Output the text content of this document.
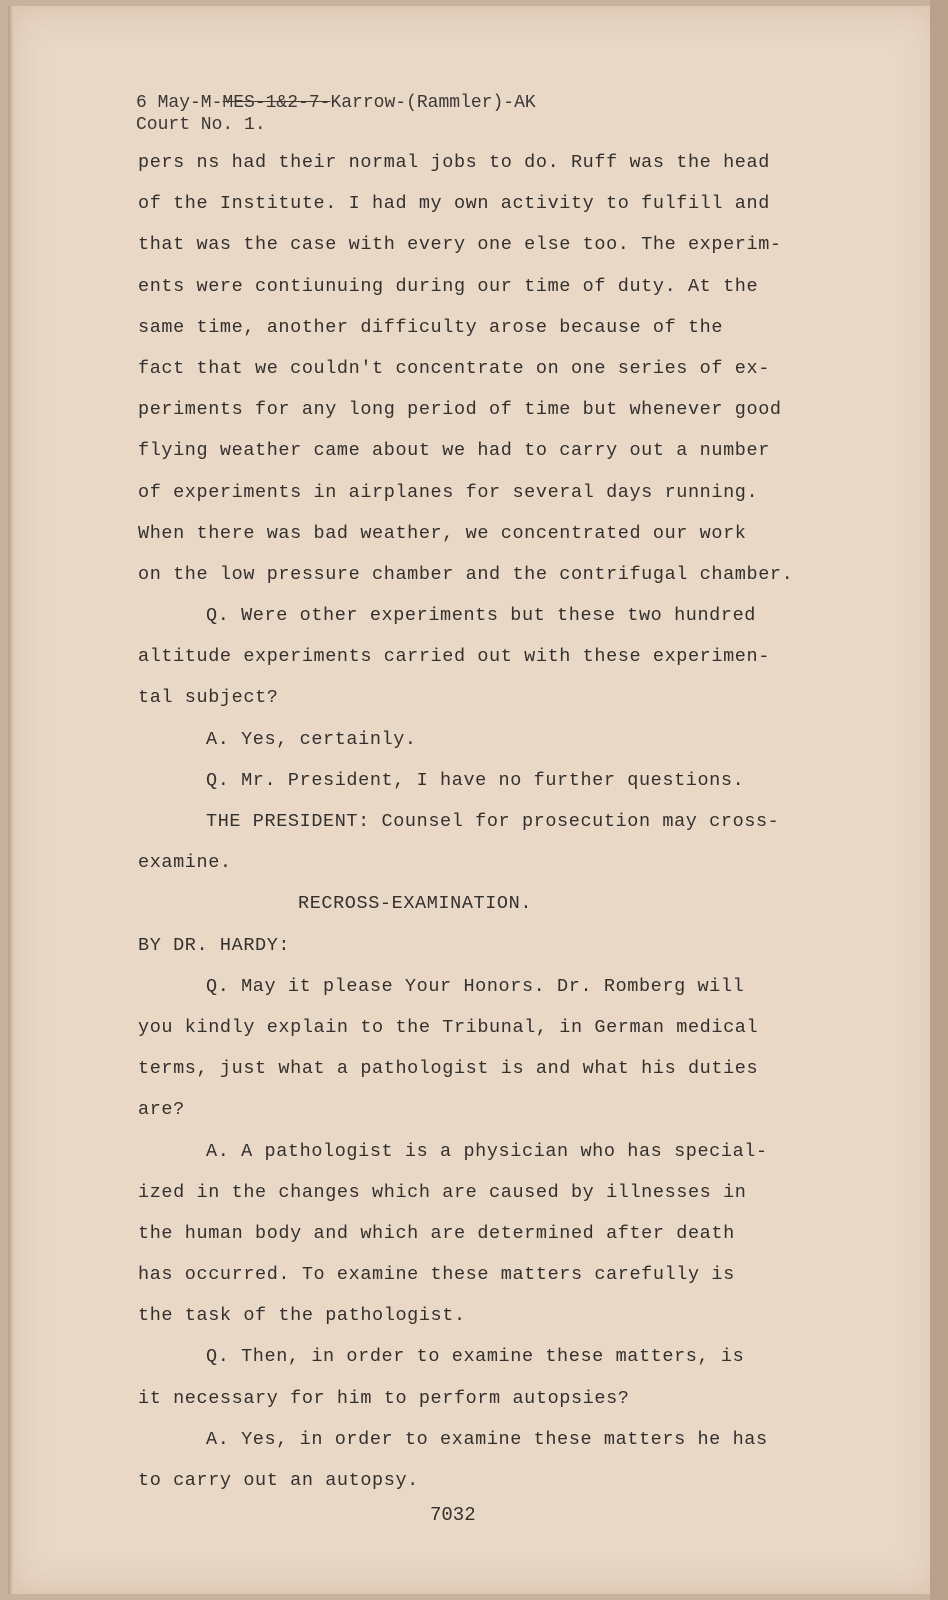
6 May-M-MES-1&2-7-Karrow-(Rammler)-AK
Court No. 1.
pers ns had their normal jobs to do. Ruff was the head
of the Institute. I had my own activity to fulfill and
that was the case with every one else too. The experim-
ents were contiunuing during our time of duty. At the
same time, another difficulty arose because of the
fact that we couldn't concentrate on one series of ex-
periments for any long period of time but whenever good
flying weather came about we had to carry out a number
of experiments in airplanes for several days running.
When there was bad weather, we concentrated our work
on the low pressure chamber and the contrifugal chamber.
Q. Were other experiments but these two hundred
altitude experiments carried out with these experimen-
tal subject?
A. Yes, certainly.
Q. Mr. President, I have no further questions.
THE PRESIDENT: Counsel for prosecution may cross-
examine.
RECROSS-EXAMINATION.
BY DR. HARDY:
Q. May it please Your Honors. Dr. Romberg will
you kindly explain to the Tribunal, in German medical
terms, just what a pathologist is and what his duties
are?
A. A pathologist is a physician who has special-
ized in the changes which are caused by illnesses in
the human body and which are determined after death
has occurred. To examine these matters carefully is
the task of the pathologist.
Q. Then, in order to examine these matters, is
it necessary for him to perform autopsies?
A. Yes, in order to examine these matters he has
to carry out an autopsy.
7032
